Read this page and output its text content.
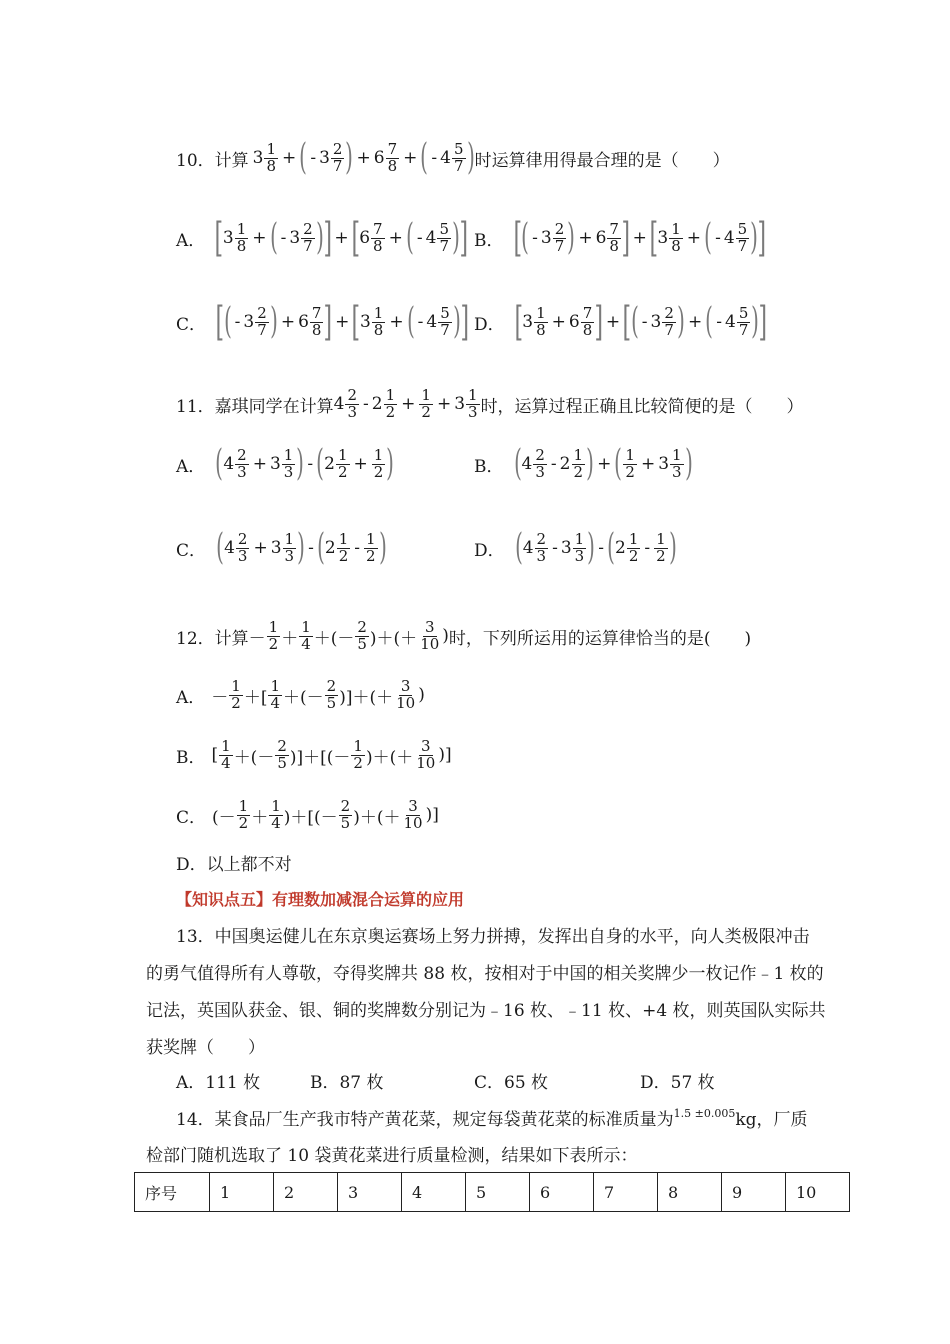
10．计算 $3 \frac{1}{8}$ + ( - $3 \frac{2}{7}$ ) + $6 \frac{7}{8}$ + ( - $4 \frac{5}{7}$ ) 时运算律用得最合理的是（　　）
A． [ $3 \frac{1}{8}$ + ( - $3 \frac{2}{7}$ ) ] + [ $6 \frac{7}{8}$ + ( - $4 \frac{5}{7}$ ) ] B． [ ( - $3 \frac{2}{7}$ ) + $6 \frac{7}{8}$ ] + [ $3 \frac{1}{8}$ + ( - $4 \frac{5}{7}$ ) ]
C． [ ( - $3 \frac{2}{7}$ ) + $6 \frac{7}{8}$ ] + [ $3 \frac{1}{8}$ + ( - $4 \frac{5}{7}$ ) ] D． [ $3 \frac{1}{8} + 6 \frac{7}{8}$ ] + [ ( - $3 \frac{2}{7}$ ) + ( - $4 \frac{5}{7}$ ) ]
11．嘉琪同学在计算 $4 \frac{2}{3} - 2 \frac{1}{2} + \frac{1}{2} + 3 \frac{1}{3}$ 时，运算过程正确且比较简便的是（　　）
A． ( $4 \frac{2}{3} + 3 \frac{1}{3}$ ) - ( $2 \frac{1}{2} + \frac{1}{2}$ )	B． ( $4 \frac{2}{3} - 2 \frac{1}{2}$ ) + ( $\frac{1}{2} + 3 \frac{1}{3}$ )
C． ( $4 \frac{2}{3} + 3 \frac{1}{3}$ ) - ( $2 \frac{1}{2} - \frac{1}{2}$ )	D． ( $4 \frac{2}{3} - 3 \frac{1}{3}$ ) - ( $2 \frac{1}{2} - \frac{1}{2}$ )
12．计算 － $\frac{1}{2} + \frac{1}{4}$ ＋(－ $\frac{2}{5}$ )＋(＋ $\frac{3}{10}$ ) 时，下列所运用的运算律恰当的是(　　)
A． － $\frac{1}{2}$ ＋[ $\frac{1}{4}$ ＋(－ $\frac{2}{5}$ )]＋(＋ $\frac{3}{10}$ )
B． [ $\frac{1}{4}$ ＋(－ $\frac{2}{5}$ )]＋[(－ $\frac{1}{2}$ )＋(＋ $\frac{3}{10}$ )]
C． (－ $\frac{1}{2} + \frac{1}{4}$ )＋[(－ $\frac{2}{5}$ )＋(＋ $\frac{3}{10}$ )]
D．以上都不对
【知识点五】有理数加减混合运算的应用
13．中国奥运健儿在东京奥运赛场上努力拼搏，发挥出自身的水平，向人类极限冲击
的勇气值得所有人尊敬，夺得奖牌共 88 枚，按相对于中国的相关奖牌少一枚记作﹣1 枚的
记法，英国队获金、银、铜的奖牌数分别记为﹣16 枚、﹣11 枚、+4 枚，则英国队实际共
获奖牌（　　）
A．111 枚	B．87 枚	C．65 枚	D．57 枚
14．某食品厂生产我市特产黄花菜，规定每袋黄花菜的标准质量为$^{1.5 \pm 0.005}$kg，厂质
检部门随机选取了 10 袋黄花菜进行质量检测，结果如下表所示：
序号	1	2	3	4	5	6	7	8	9	10
